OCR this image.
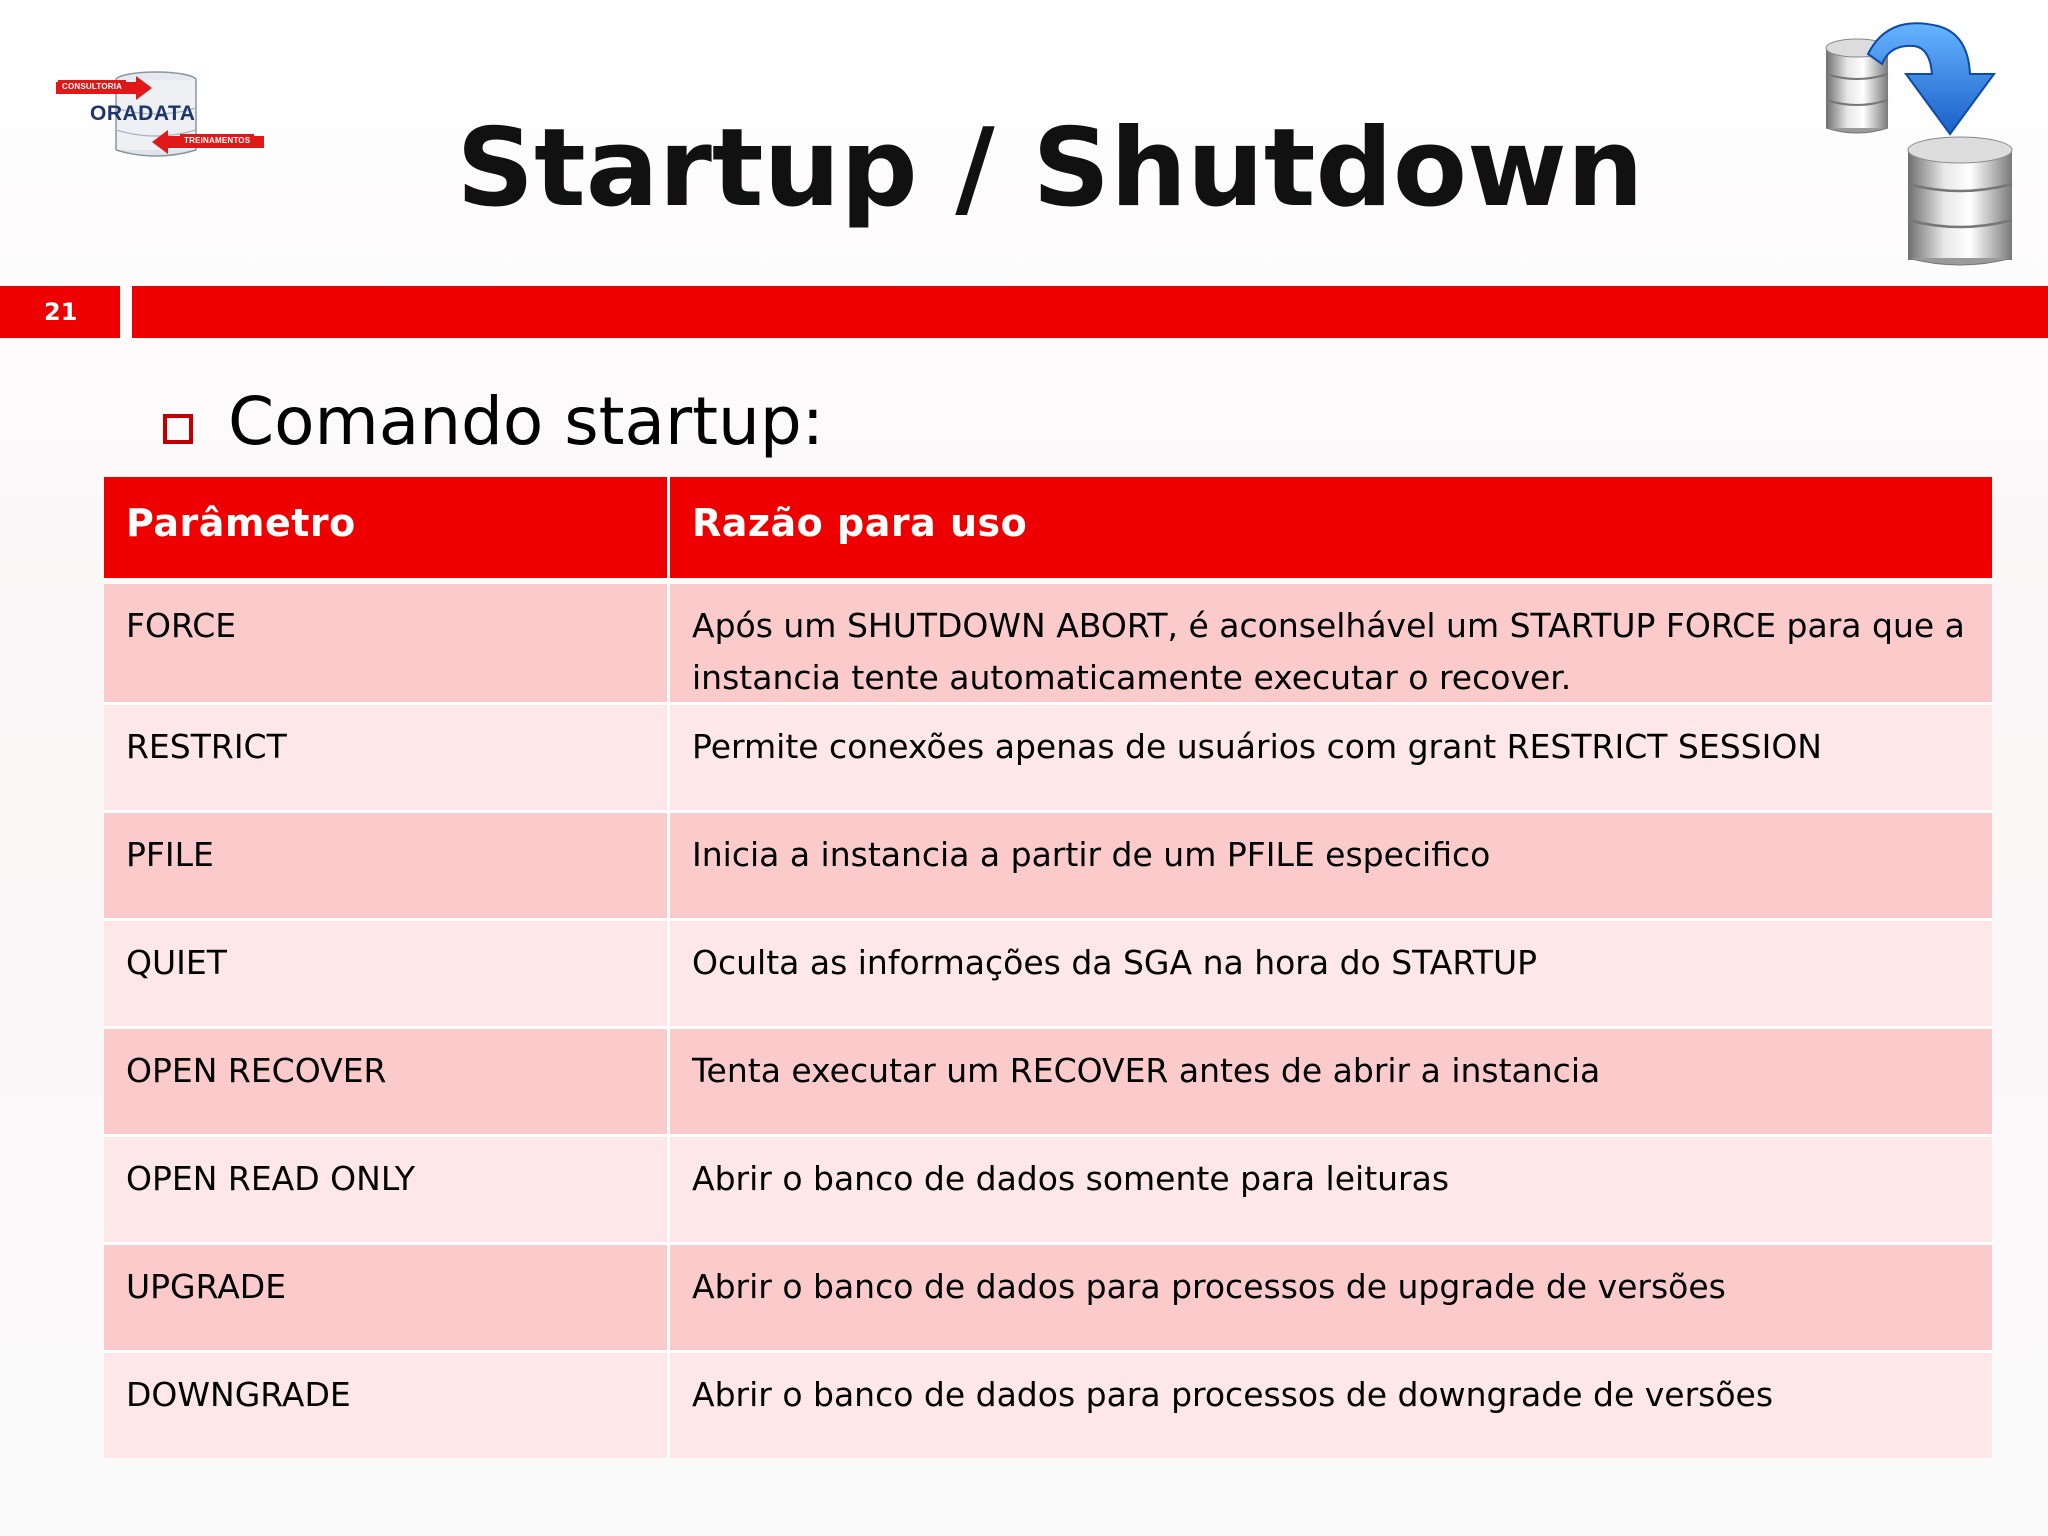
CONSULTORIA
ORADATA
TREINAMENTOS	Startup / Shutdown
21
Comando startup:
Parâmetro	Razão para uso
FORCE	Após um SHUTDOWN ABORT, é aconselhável um STARTUP FORCE para que a instancia tente automaticamente executar o recover.
RESTRICT	Permite conexões apenas de usuários com grant RESTRICT SESSION
PFILE	Inicia a instancia a partir de um PFILE especifico
QUIET	Oculta as informações da SGA na hora do STARTUP
OPEN RECOVER	Tenta executar um RECOVER antes de abrir a instancia
OPEN READ ONLY	Abrir o banco de dados somente para leituras
UPGRADE	Abrir o banco de dados para processos de upgrade de versões
DOWNGRADE	Abrir o banco de dados para processos de downgrade de versões
